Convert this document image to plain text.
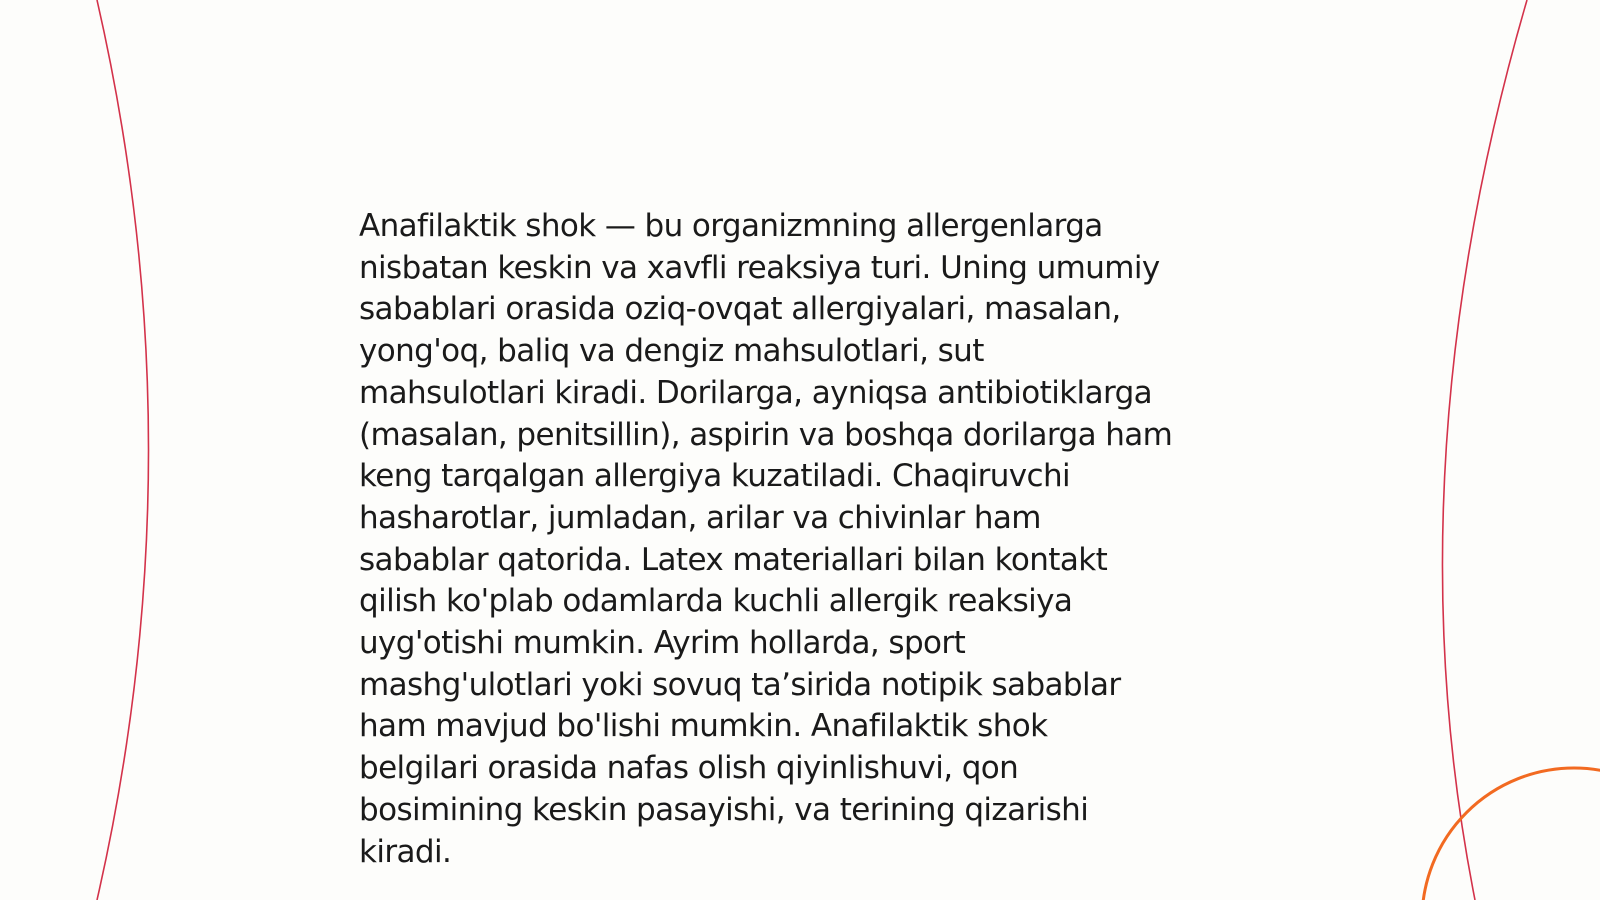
Anafilaktik shok — bu organizmning allergenlarga
nisbatan keskin va xavfli reaksiya turi. Uning umumiy
sabablari orasida oziq-ovqat allergiyalari, masalan,
yong'oq, baliq va dengiz mahsulotlari, sut
mahsulotlari kiradi. Dorilarga, ayniqsa antibiotiklarga
(masalan, penitsillin), aspirin va boshqa dorilarga ham
keng tarqalgan allergiya kuzatiladi. Chaqiruvchi
hasharotlar, jumladan, arilar va chivinlar ham
sabablar qatorida. Latex materiallari bilan kontakt
qilish ko'plab odamlarda kuchli allergik reaksiya
uyg'otishi mumkin. Ayrim hollarda, sport
mashg'ulotlari yoki sovuq ta’sirida notipik sabablar
ham mavjud bo'lishi mumkin. Anafilaktik shok
belgilari orasida nafas olish qiyinlishuvi, qon
bosimining keskin pasayishi, va terining qizarishi
kiradi.
